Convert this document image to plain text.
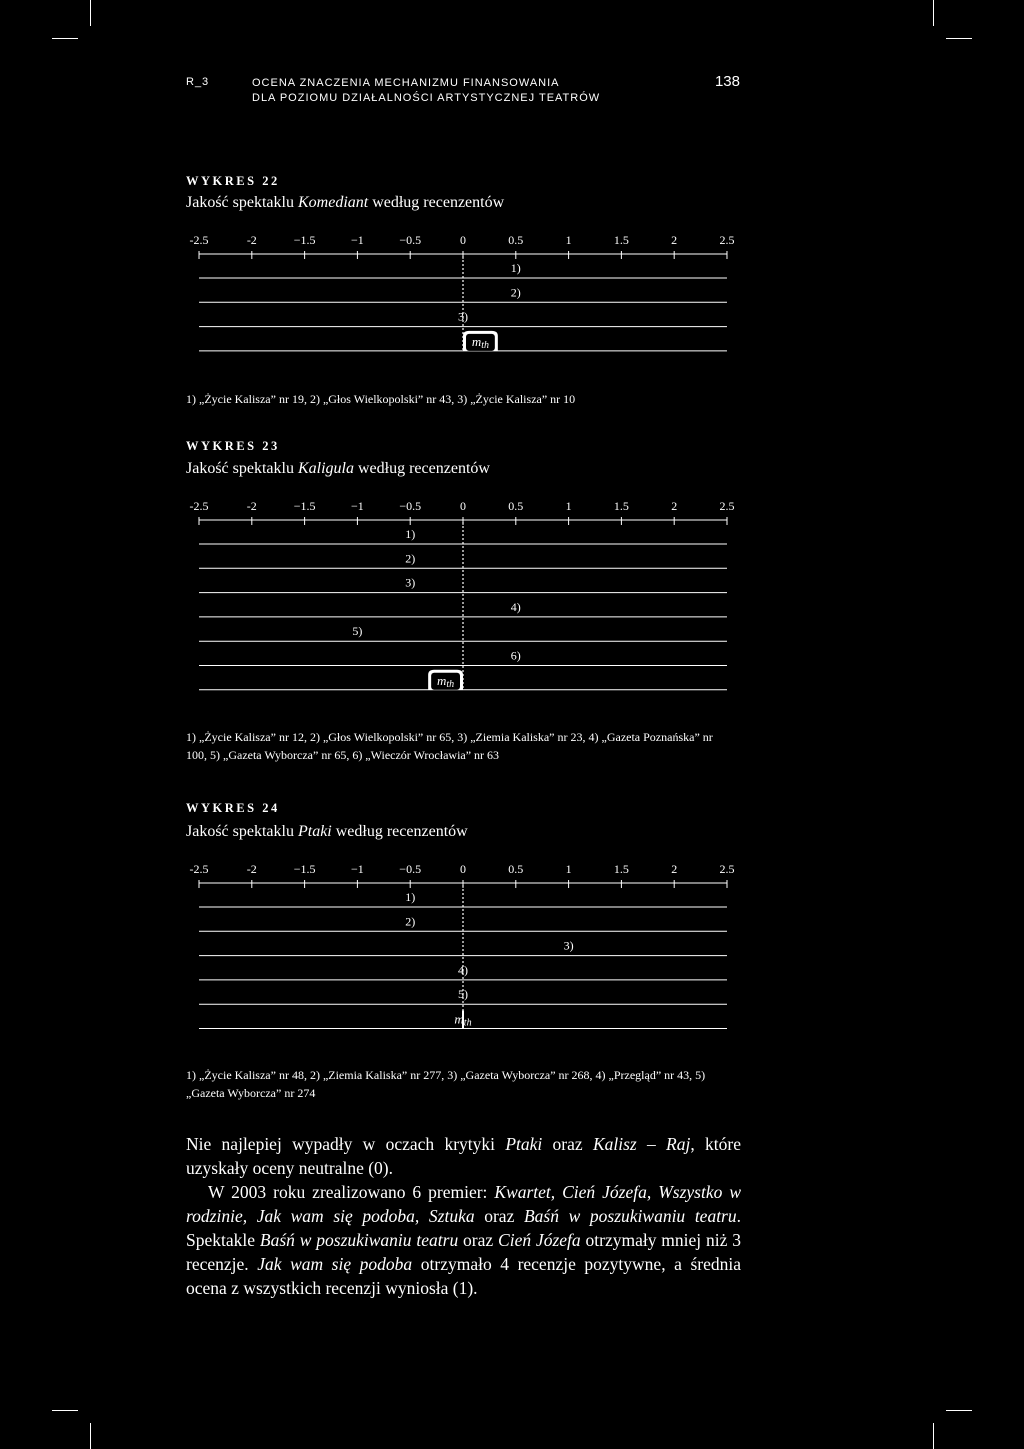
R_3	OCENA ZNACZENIA MECHANIZMU FINANSOWANIA
DLA POZIOMU DZIAŁALNOŚCI ARTYSTYCZNEJ TEATRÓW
138
WYKRES 22
Jakość spektaklu Komediant według recenzentów
-2.5	-2	−1.5	−1	−0.5	0	0.5	1	1.5	2	2.5
1)
2)
3)
mth
1) „Życie Kalisza” nr 19, 2) „Głos Wielkopolski” nr 43, 3) „Życie Kalisza” nr 10
WYKRES 23
Jakość spektaklu Kaligula według recenzentów
-2.5	-2	−1.5	−1	−0.5	0	0.5	1	1.5	2	2.5
1)
2)
3)
4)
5)
6)
mth
1) „Życie Kalisza” nr 12, 2) „Głos Wielkopolski” nr 65, 3) „Ziemia Kaliska” nr 23, 4) „Gazeta Poznańska” nr 100, 5) „Gazeta Wyborcza” nr 65, 6) „Wieczór Wrocławia” nr 63
WYKRES 24
Jakość spektaklu Ptaki według recenzentów
-2.5	-2	−1.5	−1	−0.5	0	0.5	1	1.5	2	2.5
1)
2)
3)
4)
5)
mth
1) „Życie Kalisza” nr 48, 2) „Ziemia Kaliska” nr 277, 3) „Gazeta Wyborcza” nr 268, 4) „Przegląd” nr 43, 5) „Gazeta Wyborcza” nr 274

Nie najlepiej wypadły w oczach krytyki Ptaki oraz Kalisz – Raj, które uzyskały oceny neutralne (0).

W 2003 roku zrealizowano 6 premier: Kwartet, Cień Józefa, Wszystko w rodzinie, Jak wam się podoba, Sztuka oraz Baśń w poszukiwaniu teatru. Spektakle Baśń w poszukiwaniu teatru oraz Cień Józefa otrzymały mniej niż 3 recenzje. Jak wam się podoba otrzymało 4 recenzje pozytywne, a średnia ocena z wszystkich recenzji wyniosła (1).
